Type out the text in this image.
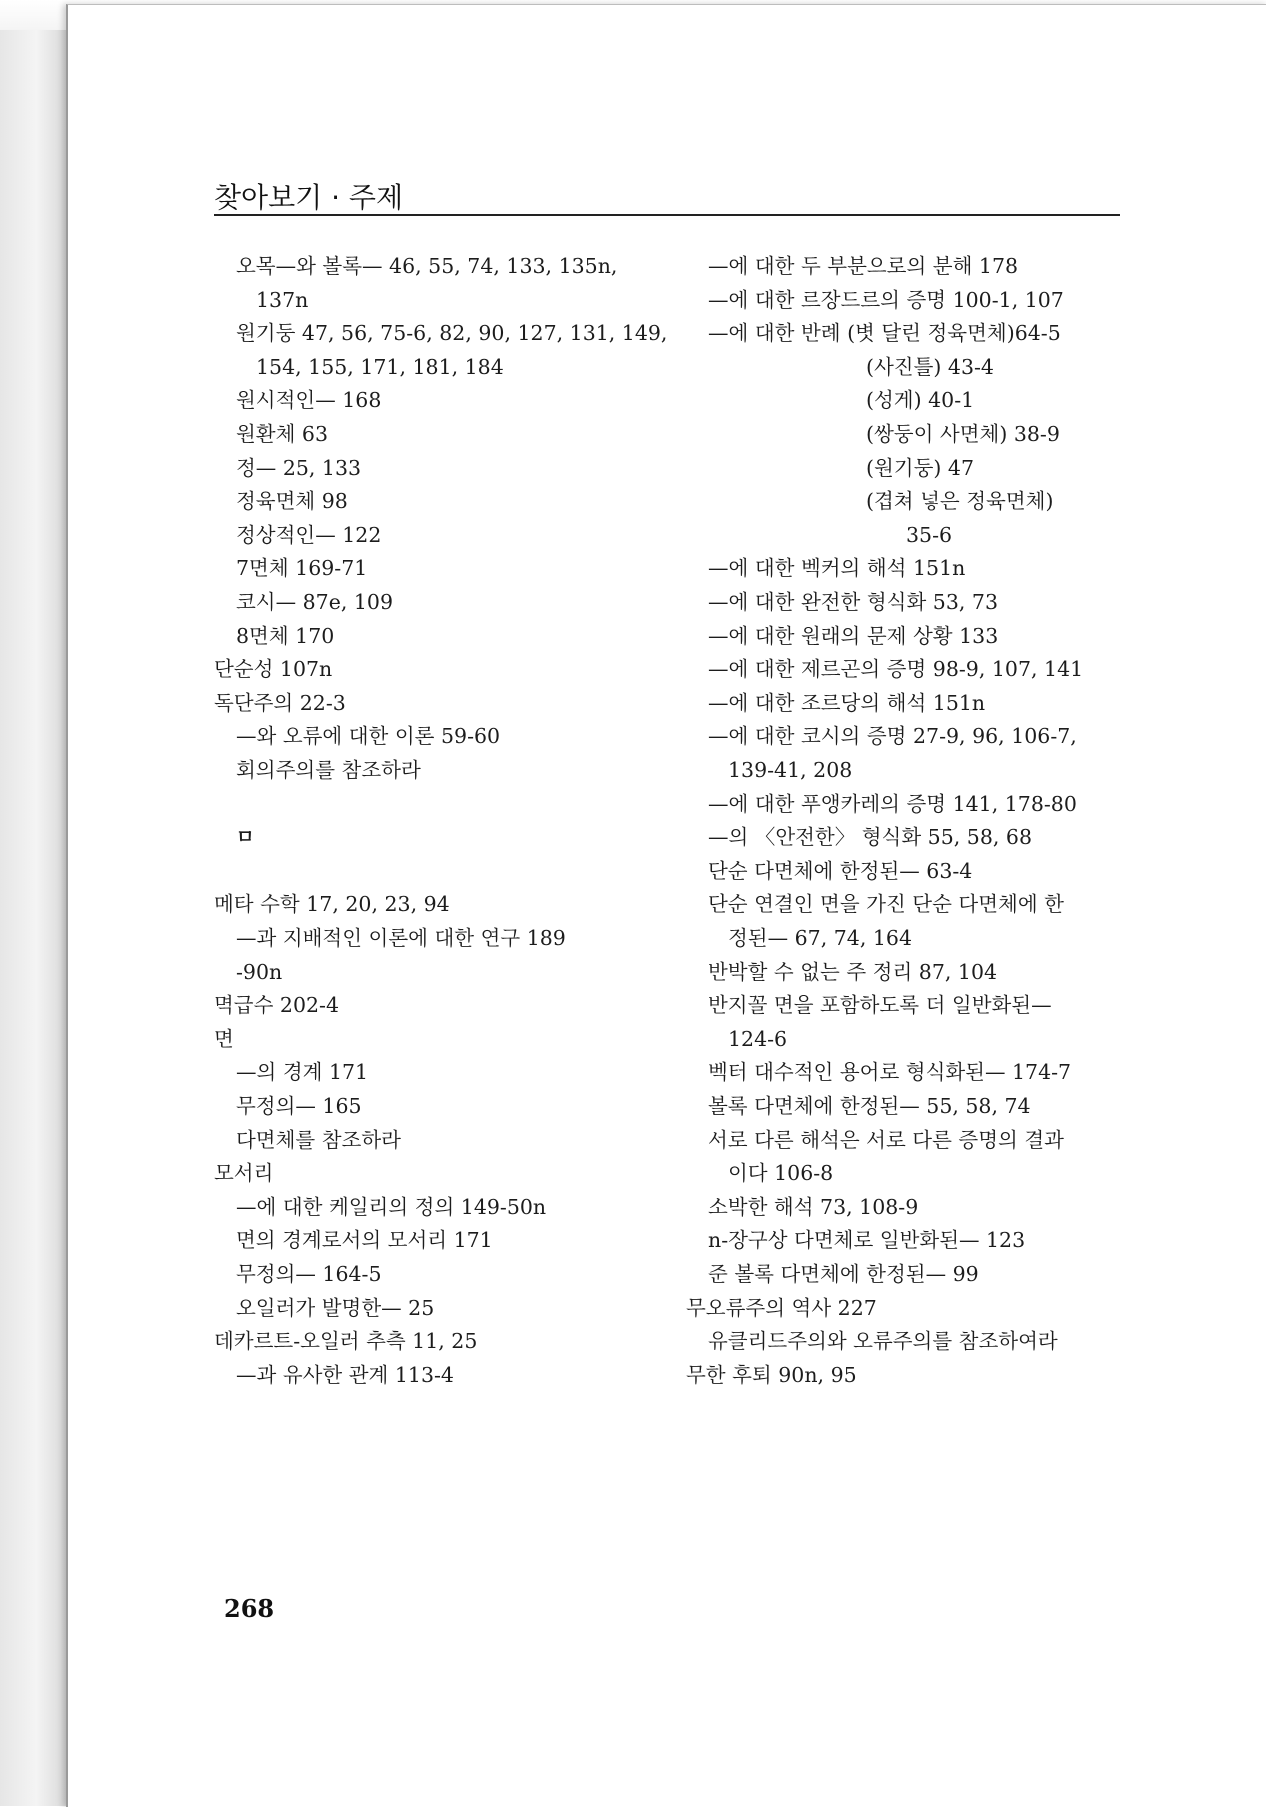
찾아보기 · 주제
오목—와 볼록— 46, 55, 74, 133, 135n,
137n
원기둥 47, 56, 75-6, 82, 90, 127, 131, 149,
154, 155, 171, 181, 184
원시적인— 168
원환체 63
정— 25, 133
정육면체 98
정상적인— 122
7면체 169-71
코시— 87e, 109
8면체 170
단순성 107n
독단주의 22-3
—와 오류에 대한 이론 59-60
회의주의를 참조하라
ㅁ
메타 수학 17, 20, 23, 94
—과 지배적인 이론에 대한 연구 189
-90n
멱급수 202-4
면
—의 경계 171
무정의— 165
다면체를 참조하라
모서리
—에 대한 케일리의 정의 149-50n
면의 경계로서의 모서리 171
무정의— 164-5
오일러가 발명한— 25
데카르트-오일러 추측 11, 25
—과 유사한 관계 113-4
—에 대한 두 부분으로의 분해 178
—에 대한 르장드르의 증명 100-1, 107
—에 대한 반례 (볏 달린 정육면체)64-5
(사진틀) 43-4
(성게) 40-1
(쌍둥이 사면체) 38-9
(원기둥) 47
(겹쳐 넣은 정육면체)
35-6
—에 대한 벡커의 해석 151n
—에 대한 완전한 형식화 53, 73
—에 대한 원래의 문제 상황 133
—에 대한 제르곤의 증명 98-9, 107, 141
—에 대한 조르당의 해석 151n
—에 대한 코시의 증명 27-9, 96, 106-7,
139-41, 208
—에 대한 푸앵카레의 증명 141, 178-80
—의 〈안전한〉 형식화 55, 58, 68
단순 다면체에 한정된— 63-4
단순 연결인 면을 가진 단순 다면체에 한
정된— 67, 74, 164
반박할 수 없는 주 정리 87, 104
반지꼴 면을 포함하도록 더 일반화된—
124-6
벡터 대수적인 용어로 형식화된— 174-7
볼록 다면체에 한정된— 55, 58, 74
서로 다른 해석은 서로 다른 증명의 결과
이다 106-8
소박한 해석 73, 108-9
n-장구상 다면체로 일반화된— 123
준 볼록 다면체에 한정된— 99
무오류주의 역사 227
유클리드주의와 오류주의를 참조하여라
무한 후퇴 90n, 95
268
